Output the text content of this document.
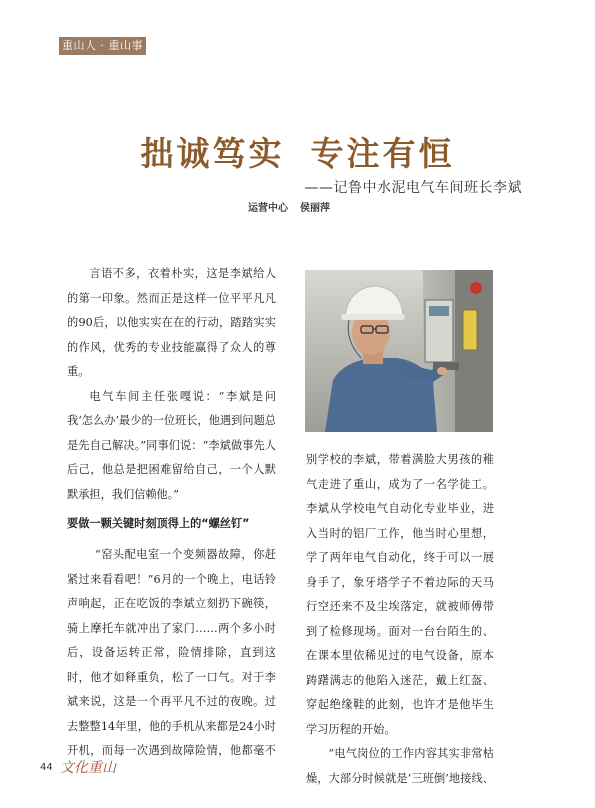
重山人 · 重山事
拙诚笃实 专注有恒
——记鲁中水泥电气车间班长李斌
运营中心 侯丽萍

言语不多，衣着朴实，这是李斌给人的第一印象。然而正是这样一位平平凡凡的90后，以他实实在在的行动，踏踏实实的作风，优秀的专业技能赢得了众人的尊重。

电气车间主任张嘎说：“李斌是问我‘怎么办’最少的一位班长，他遇到问题总是先自己解决。”同事们说：“李斌做事先人后己，他总是把困难留给自己，一个人默默承担，我们信赖他。”

要做一颗关键时刻顶得上的“螺丝钉”

“窑头配电室一个变频器故障，你赶紧过来看看吧！”6月的一个晚上，电话铃声响起，正在吃饭的李斌立刻扔下碗筷，骑上摩托车就冲出了家门……两个多小时后，设备运转正常，险情排除，直到这时，他才如释重负，松了一口气。对于李斌来说，这是一个再平凡不过的夜晚。过去整整14年里，他的手机从来都是24小时开机，而每一次遇到故障险情，他都毫不

别学校的李斌，带着满脸大男孩的稚气走进了重山，成为了一名学徒工。李斌从学校电气自动化专业毕业，进入当时的铝厂工作，他当时心里想，学了两年电气自动化，终于可以一展身手了，象牙塔学子不着边际的天马行空还来不及尘埃落定，就被师傅带到了检修现场。面对一台台陌生的、在课本里依稀见过的电气设备，原本踌躇满志的他陷入迷茫，戴上红盔、穿起绝缘鞋的此刻，也许才是他毕生学习历程的开始。

“电气岗位的工作内容其实非常枯燥，大部分时候就是‘三班倒’地接线、

44 文化重山
